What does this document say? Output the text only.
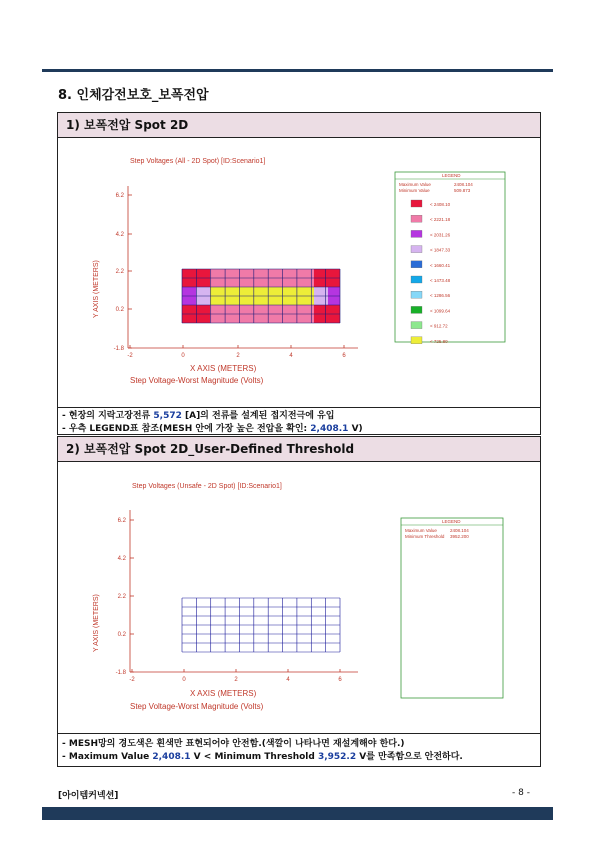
8. 인체감전보호_보폭전압
1) 보폭전압 Spot 2D
Step Voltages (All - 2D Spot) [ID:Scenario1]
6.2
4.2
2.2
0.2
-1.8
-2	0	2	4	6
Y AXIS (METERS)
X AXIS (METERS)
Step Voltage-Worst Magnitude (Volts)
LEGEND
Maximum Value	2408.104
Minimum Value	509.873
< 2408.10
< 2221.18
< 2031.26
< 1847.33
< 1660.41
< 1473.48
< 1286.56
< 1099.64
< 912.72
< 725.80
- 현장의 지락고장전류 5,572 [A]의 전류를 설계된 접지전극에 유입
- 우측 LEGEND표 참조(MESH 안에 가장 높은 전압을 확인: 2,408.1 V)
2) 보폭전압 Spot 2D_User-Defined Threshold
Step Voltages (Unsafe - 2D Spot) [ID:Scenario1]
6.2
4.2
2.2
0.2
-1.8
-2	0	2	4	6
Y AXIS (METERS)
X AXIS (METERS)
Step Voltage-Worst Magnitude (Volts)
LEGEND
Maximum Value	2408.104
Minimum Threshold 3952.200
- MESH망의 경도색은 흰색만 표현되어야 안전함.(색깔이 나타나면 재설계해야 한다.)
- Maximum Value 2,408.1 V < Minimum Threshold 3,952.2 V를 만족함으로 안전하다.
[아이템커넥션]	- 8 -
